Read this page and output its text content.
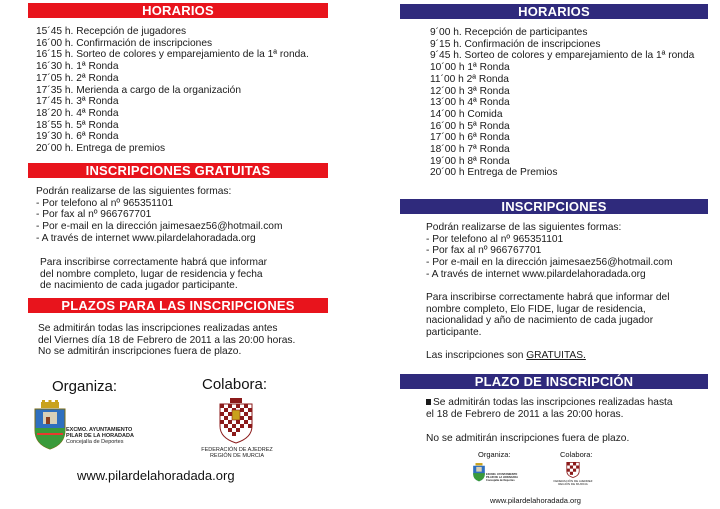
HORARIOS
15´45 h. Recepción de jugadores
16´00 h. Confirmación de inscripciones
16´15 h. Sorteo de colores y emparejamiento de la 1ª ronda.
16´30 h. 1ª Ronda
17´05 h. 2ª Ronda
17´35 h. Merienda a cargo de la organización
17´45 h. 3ª Ronda
18´20 h. 4ª Ronda
18´55 h. 5ª Ronda
19´30 h. 6ª Ronda
20´00 h. Entrega de premios
INSCRIPCIONES GRATUITAS
Podrán realizarse de las siguientes formas:
- Por telefono al nº 965351101
- Por fax al nº 966767701
- Por e-mail en la dirección jaimesaez56@hotmail.com
- A través de internet www.pilardelahoradada.org
Para inscribirse correctamente habrá que informar
del nombre completo, lugar de residencia y fecha
de nacimiento de cada jugador participante.
PLAZOS PARA LAS INSCRIPCIONES
Se admitirán todas las inscripciones realizadas antes
del Viernes día 18 de Febrero de 2011 a las 20:00 horas.
No se admitirán inscripciones fuera de plazo.
Organiza:	Colabora:
EXCMO. AYUNTAMIENTO
PILAR DE LA HORADADA
Concejalía de Deportes
FEDERACIÓN DE AJEDREZ
REGIÓN DE MURCIA
www.pilardelahoradada.org
HORARIOS
9´00 h. Recepción de participantes
9´15 h. Confirmación de inscripciones
9´45 h. Sorteo de colores y emparejamiento de la 1ª ronda
10´00 h 1ª Ronda
11´00 h 2ª Ronda
12´00 h 3ª Ronda
13´00 h 4ª Ronda
14´00 h Comida
16´00 h 5ª Ronda
17´00 h 6ª Ronda
18´00 h 7ª Ronda
19´00 h 8ª Ronda
20´00 h Entrega de Premios
INSCRIPCIONES
Podrán realizarse de las siguientes formas:
- Por telefono al nº 965351101
- Por fax al nº 966767701
- Por e-mail en la dirección jaimesaez56@hotmail.com
- A través de internet www.pilardelahoradada.org
Para inscribirse correctamente habrá que informar del
nombre completo, Elo FIDE, lugar de residencia,
nacionalidad y año de nacimiento de cada jugador
participante.
Las inscripciones son GRATUITAS.
PLAZO DE INSCRIPCIÓN
Se admitirán todas las inscripciones realizadas hasta
el 18 de Febrero de 2011 a las 20:00 horas.
No se admitirán inscripciones fuera de plazo.
Organiza:	Colabora:
EXCMO. AYUNTAMIENTO
PILAR DE LA HORADADA
Concejalía de Deportes	FEDERACIÓN DE AJEDREZ
REGIÓN DE MURCIA
www.pilardelahoradada.org
